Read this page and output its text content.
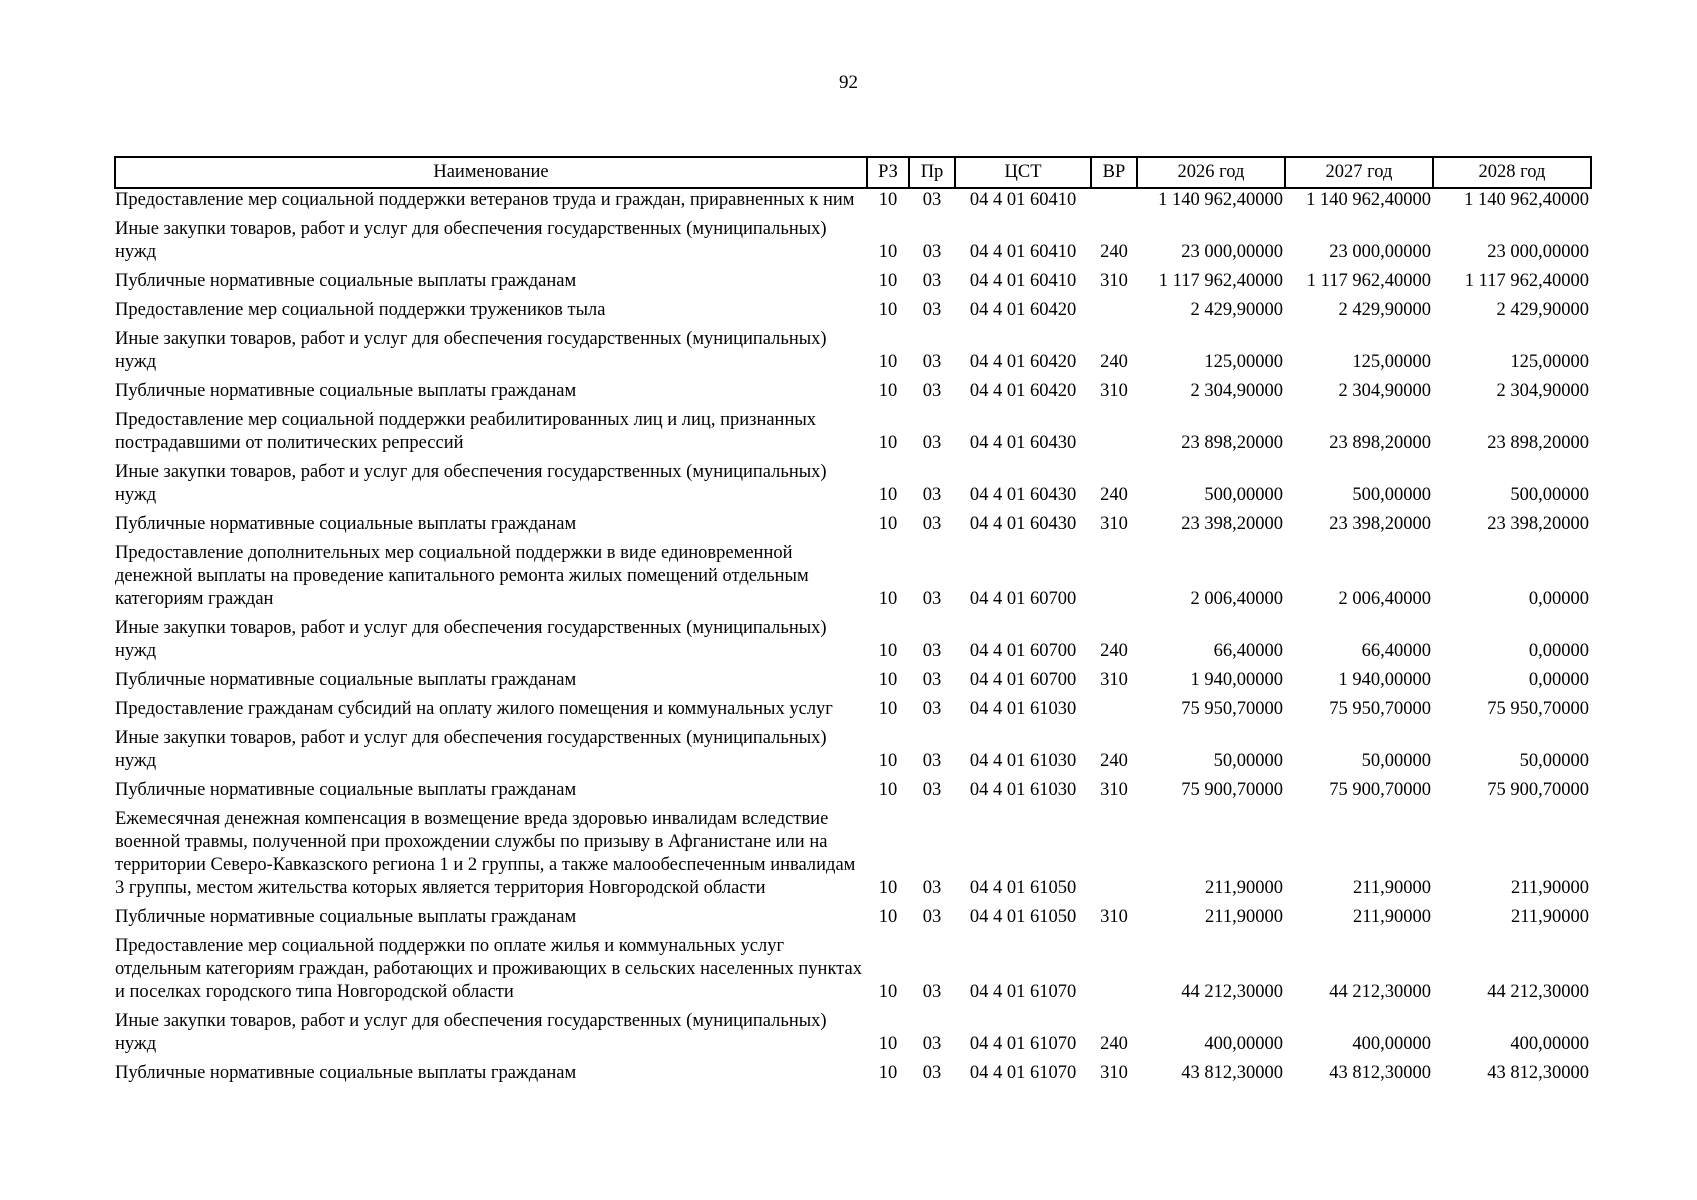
92
Наименование	РЗ	Пр	ЦСТ	ВР	2026 год	2027 год	2028 год
Предоставление мер социальной поддержки ветеранов труда и граждан, приравненных к ним	10	03	04 4 01 60410		1 140 962,40000	1 140 962,40000	1 140 962,40000
Иные закупки товаров, работ и услуг для обеспечения государственных (муниципальных) нужд	10	03	04 4 01 60410	240	23 000,00000	23 000,00000	23 000,00000
Публичные нормативные социальные выплаты гражданам	10	03	04 4 01 60410	310	1 117 962,40000	1 117 962,40000	1 117 962,40000
Предоставление мер социальной поддержки тружеников тыла	10	03	04 4 01 60420		2 429,90000	2 429,90000	2 429,90000
Иные закупки товаров, работ и услуг для обеспечения государственных (муниципальных) нужд	10	03	04 4 01 60420	240	125,00000	125,00000	125,00000
Публичные нормативные социальные выплаты гражданам	10	03	04 4 01 60420	310	2 304,90000	2 304,90000	2 304,90000
Предоставление мер социальной поддержки реабилитированных лиц и лиц, признанных пострадавшими от политических репрессий	10	03	04 4 01 60430		23 898,20000	23 898,20000	23 898,20000
Иные закупки товаров, работ и услуг для обеспечения государственных (муниципальных) нужд	10	03	04 4 01 60430	240	500,00000	500,00000	500,00000
Публичные нормативные социальные выплаты гражданам	10	03	04 4 01 60430	310	23 398,20000	23 398,20000	23 398,20000
Предоставление дополнительных мер социальной поддержки в виде единовременной денежной выплаты на проведение капитального ремонта жилых помещений отдельным категориям граждан	10	03	04 4 01 60700		2 006,40000	2 006,40000	0,00000
Иные закупки товаров, работ и услуг для обеспечения государственных (муниципальных) нужд	10	03	04 4 01 60700	240	66,40000	66,40000	0,00000
Публичные нормативные социальные выплаты гражданам	10	03	04 4 01 60700	310	1 940,00000	1 940,00000	0,00000
Предоставление гражданам субсидий на оплату жилого помещения и коммунальных услуг	10	03	04 4 01 61030		75 950,70000	75 950,70000	75 950,70000
Иные закупки товаров, работ и услуг для обеспечения государственных (муниципальных) нужд	10	03	04 4 01 61030	240	50,00000	50,00000	50,00000
Публичные нормативные социальные выплаты гражданам	10	03	04 4 01 61030	310	75 900,70000	75 900,70000	75 900,70000
Ежемесячная денежная компенсация в возмещение вреда здоровью инвалидам вследствие военной травмы, полученной при прохождении службы по призыву в Афганистане или на территории Северо-Кавказского региона 1 и 2 группы, а также малообеспеченным инвалидам 3 группы, местом жительства которых является территория Новгородской области	10	03	04 4 01 61050		211,90000	211,90000	211,90000
Публичные нормативные социальные выплаты гражданам	10	03	04 4 01 61050	310	211,90000	211,90000	211,90000
Предоставление мер социальной поддержки по оплате жилья и коммунальных услуг отдельным категориям граждан, работающих и проживающих в сельских населенных пунктах и поселках городского типа Новгородской области	10	03	04 4 01 61070		44 212,30000	44 212,30000	44 212,30000
Иные закупки товаров, работ и услуг для обеспечения государственных (муниципальных) нужд	10	03	04 4 01 61070	240	400,00000	400,00000	400,00000
Публичные нормативные социальные выплаты гражданам	10	03	04 4 01 61070	310	43 812,30000	43 812,30000	43 812,30000
